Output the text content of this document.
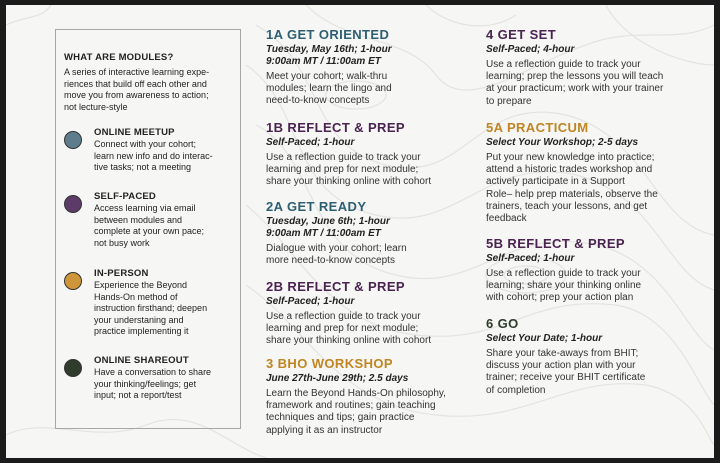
WHAT ARE MODULES?
A series of interactive learning expe-
riences that build off each other and
move you from awareness to action;
not lecture-style
ONLINE MEETUP
Connect with your cohort;
learn new info and do interac-
tive tasks; not a meeting
SELF-PACED
Access learning via email
between modules and
complete at your own pace;
not busy work
IN-PERSON
Experience the Beyond
Hands-On method of
instruction firsthand; deepen
your understaning and
practice implementing it
ONLINE SHAREOUT
Have a conversation to share
your thinking/feelings; get
input; not a report/test
1A GET ORIENTED
Tuesday, May 16th; 1-hour
9:00am MT / 11:00am ET
Meet your cohort; walk-thru
modules; learn the lingo and
need-to-know concepts
1B REFLECT & PREP
Self-Paced; 1-hour
Use a reflection guide to track your
learning and prep for next module;
share your thinking online with cohort
2A GET READY
Tuesday, June 6th; 1-hour
9:00am MT / 11:00am ET
Dialogue with your cohort; learn
more need-to-know concepts
2B REFLECT & PREP
Self-Paced; 1-hour
Use a reflection guide to track your
learning and prep for next module;
share your thinking online with cohort
3 BHO WORKSHOP
June 27th-June 29th; 2.5 days
Learn the Beyond Hands-On philosophy,
framework and routines; gain teaching
techniques and tips; gain practice
applying it as an instructor
4 GET SET
Self-Paced; 4-hour
Use a reflection guide to track your
learning; prep the lessons you will teach
at your practicum; work with your trainer
to prepare
5A PRACTICUM
Select Your Workshop; 2-5 days
Put your new knowledge into practice;
attend a historic trades workshop and
actively participate in a Support
Role– help prep materials, observe the
trainers, teach your lessons, and get
feedback
5B REFLECT & PREP
Self-Paced; 1-hour
Use a reflection guide to track your
learning; share your thinking online
with cohort; prep your action plan
6 GO
Select Your Date; 1-hour
Share your take-aways from BHIT;
discuss your action plan with your
trainer; receive your BHIT certificate
of completion
